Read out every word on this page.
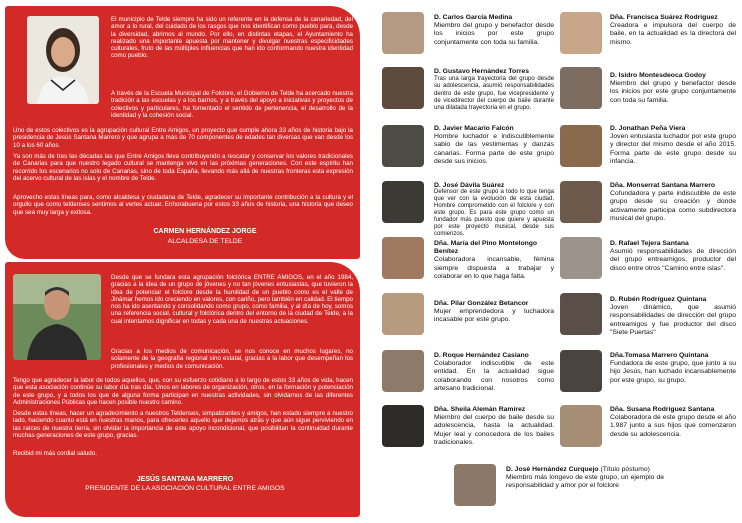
El municipio de Telde siempre ha sido un referente en la defensa de la canariedad, del amor a lo rural, del cuidado de los rasgos que nos identifican como pueblo para, desde la diversidad, abrirnos al mundo. Por ello, en distintas etapas, el Ayuntamiento ha realizado una importante apuesta por mantener y divulgar nuestras especificidades culturales, fruto de las múltiples influencias que han ido conformando nuestra identidad como pueblo.
A través de la Escuela Municipal de Folclore, el Gobierno de Telde ha acercado nuestra tradición a las escuelas y a los barrios, y a través del apoyo a iniciativas y proyectos de colectivos y particulares, ha fomentado el sentido de pertenencia, el desarrollo de la identidad y la cohesión social.
Uno de estos colectivos es la agrupación cultural Entre Amigos, un proyecto que cumple ahora 33 años de historia bajo la presidencia de Jesús Santana Marrero y que agrupa a más de 70 componentes de edades tan diversas que van desde los 10 a los 60 años.
Ya son más de tres las décadas las que Entre Amigos lleva contribuyendo a rescatar y conservar los valores tradicionales de Canarias para que nuestro legado cultural se mantenga vivo en las próximas generaciones. Con este espíritu han recorrido los escenarios no solo de Canarias, sino de toda España, llevando más allá de nuestras fronteras esta expresión del acervo cultural de las islas y el nombre de Telde.
Aprovecho estas líneas para, como alcaldesa y ciudadana de Telde, agradecer su importante contribución a la cultura y el orgullo que como teldenses sentimos al verles actuar. Enhorabuena por estos 33 años de historia, una historia que deseo que sea muy larga y exitosa.
CARMEN HERNÁNDEZ JORGE
ALCALDESA DE TELDE
Desde que se fundara esta agrupación folclórica ENTRE AMIGOS, en el año 1984, gracias a la idea de un grupo de jóvenes y no tan jóvenes entusiastas, que tuvieron la idea de potenciar el folclore desde la humildad de un pueblo como es el valle de Jinámar hemos ido creciendo en valores, con cariño, pero también en calidad. El tiempo nos ha ido asentando y consolidando como grupo, como familia, y al día de hoy, somos una referencia social, cultural y folclórica dentro del entorno de la ciudad de Telde, a la cual intentamos dignificar en todas y cada una de nuestras actuaciones.
Gracias a los medios de comunicación, se nos conoce en muchos lugares, no solamente de la geografía regional sino estatal, gracias a la labor que desempeñan los profesionales y medios de comunicación.
Tengo que agradecer la labor de todos aquellos, que, con su esfuerzo cotidiano a lo largo de estos 33 años de vida, hacen que esta asociación continúe su labor día tras día. Unos en labores de organización, otros, en la formación y potenciación de este grupo, y a todos los que de alguna forma participan en nuestras actividades, sin olvidarnos de las diferentes Administraciones Públicas que hacen posible nuestro camino.
Desde estas líneas, hacer un agradecimiento a nuestros Teldenses, simpatizantes y amigos, han estado siempre a nuestro lado, haciendo cuanto está en nuestras manos, para ofrecerles aquello que dejamos atrás y que aún sigue perviviendo en las raíces de nuestra tierra, sin olvidar la importancia de este apoyo incondicional, que posibilitan la continuidad durante muchas generaciones de este grupo, gracias.
Recibid mi más cordial saludo.
JESÚS SANTANA MARRERO
PRESIDENTE DE LA ASOCIACIÓN CULTURAL ENTRE AMIGOS
D. Carlos García Medina
Miembro del grupo y benefactor desde los inicios por este grupo conjuntamente con toda su familia.
Dña. Francisca Suárez Rodríguez
Creadora e impulsora del cuerpo de baile, en la actualidad es la directora del mismo.
D. Gustavo Hernández Torres
Tras una larga trayectoria del grupo desde su adolescencia, asumió responsabilidades dentro de este grupo, fue vicepresidente y de vicedirector del cuerpo de baile durante una dilatada trayectoria en el grupo.
D. Isidro Montesdeoca Godoy
Miembro del grupo y benefactor desde los inicios por este grupo conjuntamente con toda su familia.
D. Javier Macario Falcón
Hombre luchador e indiscutiblemente sabio de las vestimentas y danzas canarias. Forma parte de este grupo desde sus inicios.
D. Jonathan Peña Viera
Joven entusiasta luchador por este grupo y director del mismo desde el año 2015. Forma parte de este grupo desde su infancia.
D. José Dávila Suárez
Defensor de este grupo a todo lo que tenga que ver con la evolución de esta ciudad. Hombre comprometido con el folclore y con este grupo. Es para este grupo como un fundador más puesto que quiere y apuesta por este proyecto musical, desde sus comienzos.
Dña. Monserrat Santana Marrero
Cofundadora y parte indiscutible de este grupo desde su creación y donde activamente participa como subdirectora musical del grupo.
Dña. María del Pino Montelongo Benítez
Colaboradora incansable, fémina siempre dispuesta a trabajar y colaborar en lo que haga falta.
D. Rafael Tejera Santana
Asumió responsabilidades de dirección del grupo entreamigos, productor del disco entre otros "Camino entre islas".
Dña. Pilar González Betancor
Mujer emprendedora y luchadora incasable por este grupo.
D. Rubén Rodríguez Quintana
Joven dinámico, que asumió responsabilidades de dirección del grupo entreamigos y fue productor del disco "Siete Puertas"
D. Roque Hernández Casiano
Colaborador indiscutible de este entidad. En la actualidad sigue colaborando con nosotros como artesano tradicional.
Dña.Tomasa Marrero Quintana
Fundadora de este grupo, que junto a su hijo Jesús, han luchado incansablemente por este grupo, su grupo.
Dña. Sheila Alemán Ramírez
Miembro del cuerpo de baile desde su adolescencia, hasta la actualidad. Mujer leal y conocedora de los bailes tradicionales.
Dña. Susana Rodríguez Santana
Colaboradora de este grupo desde el año 1.987 junto a sus hijos que comenzaron desde su adolescencia.
D. José Hernández Curquejo (Título póstumo)
Miembro más longevo de este grupo, un ejemplo de responsabilidad y amor por el folclore
